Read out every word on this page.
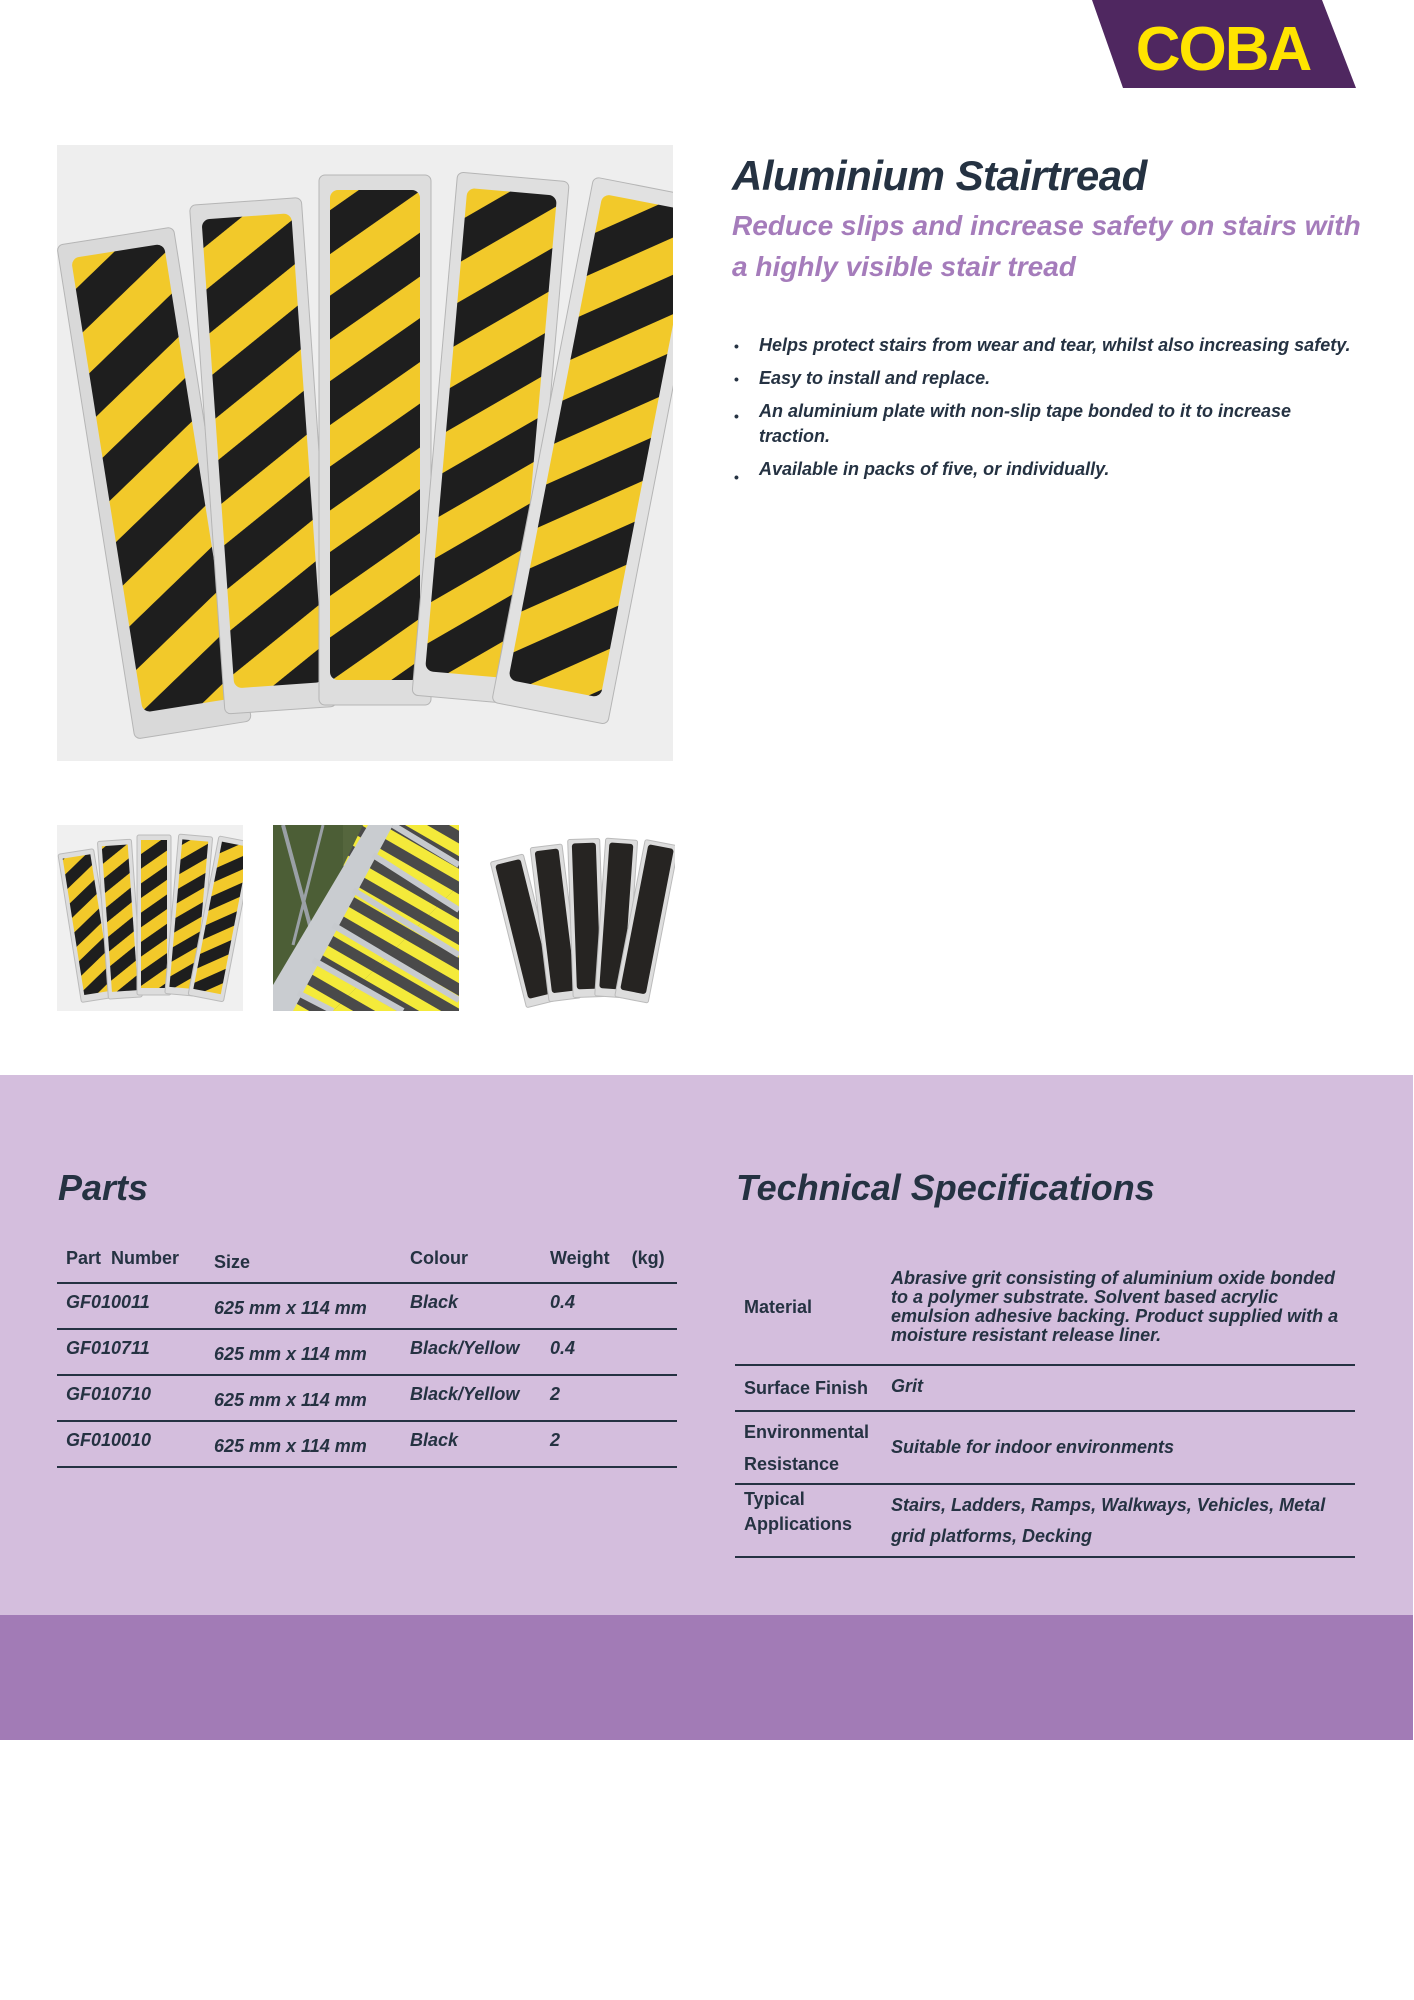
COBA
Aluminium Stairtread
Reduce slips and increase safety on stairs with a highly visible stair tread
• Helps protect stairs from wear and tear, whilst also increasing safety.
• Easy to install and replace.
• An aluminium plate with non-slip tape bonded to it to increase traction.
• Available in packs of five, or individually.
Parts
Part  Number	Size	Colour	Weight (kg)
GF010011	625 mm x 114 mm	Black	0.4
GF010711	625 mm x 114 mm	Black/Yellow	0.4
GF010710	625 mm x 114 mm	Black/Yellow	2
GF010010	625 mm x 114 mm	Black	2
Technical Specifications
Material	Abrasive grit consisting of aluminium oxide bonded to a polymer substrate. Solvent based acrylic emulsion adhesive backing. Product supplied with a moisture resistant release liner.
Surface Finish	Grit

Environmental
Resistance	Suitable for indoor environments

Typical
Applications	Stairs, Ladders, Ramps, Walkways, Vehicles, Metal grid platforms, Decking
